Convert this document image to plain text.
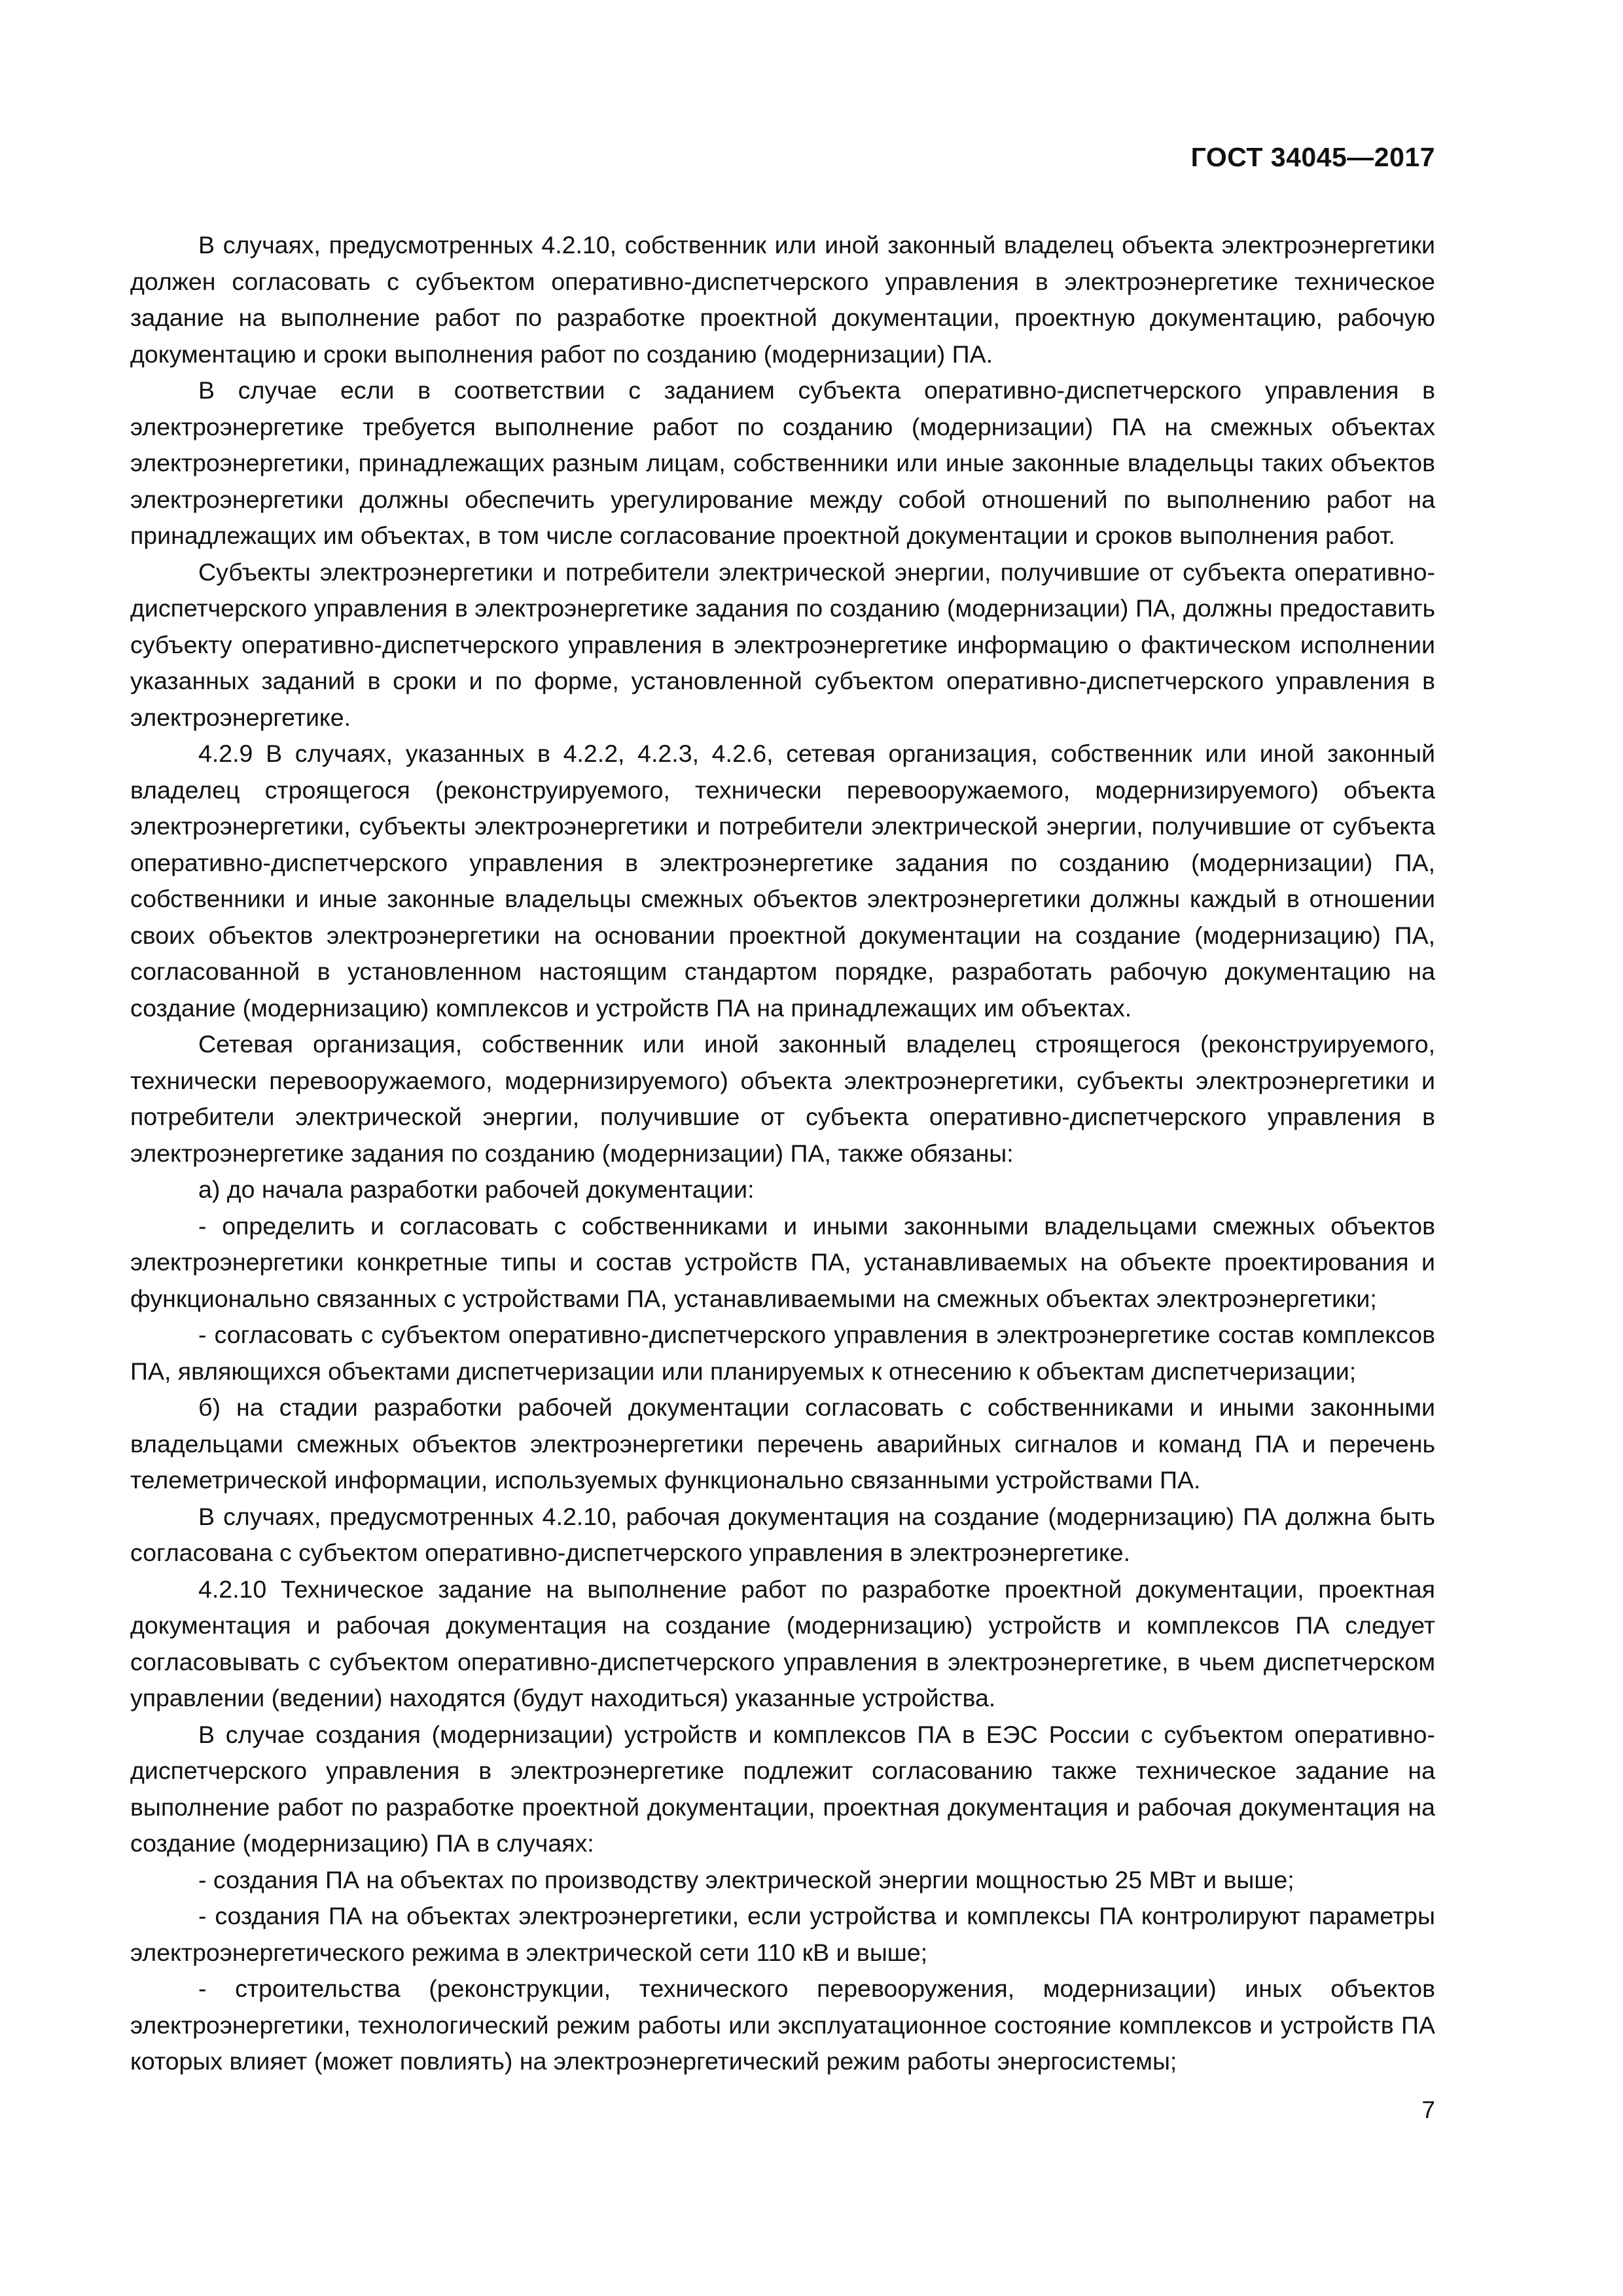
ГОСТ 34045—2017

В случаях, предусмотренных 4.2.10, собственник или иной законный владелец объекта электроэнергетики должен согласовать с субъектом оперативно-диспетчерского управления в электроэнергетике техническое задание на выполнение работ по разработке проектной документации, проектную документацию, рабочую документацию и сроки выполнения работ по созданию (модернизации) ПА.

В случае если в соответствии с заданием субъекта оперативно-диспетчерского управления в электроэнергетике требуется выполнение работ по созданию (модернизации) ПА на смежных объектах электроэнергетики, принадлежащих разным лицам, собственники или иные законные владельцы таких объектов электроэнергетики должны обеспечить урегулирование между собой отношений по выполнению работ на принадлежащих им объектах, в том числе согласование проектной документации и сроков выполнения работ.

Субъекты электроэнергетики и потребители электрической энергии, получившие от субъекта оперативно-диспетчерского управления в электроэнергетике задания по созданию (модернизации) ПА, должны предоставить субъекту оперативно-диспетчерского управления в электроэнергетике информацию о фактическом исполнении указанных заданий в сроки и по форме, установленной субъектом оперативно-диспетчерского управления в электроэнергетике.

4.2.9 В случаях, указанных в 4.2.2, 4.2.3, 4.2.6, сетевая организация, собственник или иной законный владелец строящегося (реконструируемого, технически перевооружаемого, модернизируемого) объекта электроэнергетики, субъекты электроэнергетики и потребители электрической энергии, получившие от субъекта оперативно-диспетчерского управления в электроэнергетике задания по созданию (модернизации) ПА, собственники и иные законные владельцы смежных объектов электроэнергетики должны каждый в отношении своих объектов электроэнергетики на основании проектной документации на создание (модернизацию) ПА, согласованной в установленном настоящим стандартом порядке, разработать рабочую документацию на создание (модернизацию) комплексов и устройств ПА на принадлежащих им объектах.

Сетевая организация, собственник или иной законный владелец строящегося (реконструируемого, технически перевооружаемого, модернизируемого) объекта электроэнергетики, субъекты электроэнергетики и потребители электрической энергии, получившие от субъекта оперативно-диспетчерского управления в электроэнергетике задания по созданию (модернизации) ПА, также обязаны:

а) до начала разработки рабочей документации:

- определить и согласовать с собственниками и иными законными владельцами смежных объектов электроэнергетики конкретные типы и состав устройств ПА, устанавливаемых на объекте проектирования и функционально связанных с устройствами ПА, устанавливаемыми на смежных объектах электроэнергетики;

- согласовать с субъектом оперативно-диспетчерского управления в электроэнергетике состав комплексов ПА, являющихся объектами диспетчеризации или планируемых к отнесению к объектам диспетчеризации;

б) на стадии разработки рабочей документации согласовать с собственниками и иными законными владельцами смежных объектов электроэнергетики перечень аварийных сигналов и команд ПА и перечень телеметрической информации, используемых функционально связанными устройствами ПА.

В случаях, предусмотренных 4.2.10, рабочая документация на создание (модернизацию) ПА должна быть согласована с субъектом оперативно-диспетчерского управления в электроэнергетике.

4.2.10 Техническое задание на выполнение работ по разработке проектной документации, проектная документация и рабочая документация на создание (модернизацию) устройств и комплексов ПА следует согласовывать с субъектом оперативно-диспетчерского управления в электроэнергетике, в чьем диспетчерском управлении (ведении) находятся (будут находиться) указанные устройства.

В случае создания (модернизации) устройств и комплексов ПА в ЕЭС России с субъектом оперативно-диспетчерского управления в электроэнергетике подлежит согласованию также техническое задание на выполнение работ по разработке проектной документации, проектная документация и рабочая документация на создание (модернизацию) ПА в случаях:

- создания ПА на объектах по производству электрической энергии мощностью 25 МВт и выше;

- создания ПА на объектах электроэнергетики, если устройства и комплексы ПА контролируют параметры электроэнергетического режима в электрической сети 110 кВ и выше;

- строительства (реконструкции, технического перевооружения, модернизации) иных объектов электроэнергетики, технологический режим работы или эксплуатационное состояние комплексов и устройств ПА которых влияет (может повлиять) на электроэнергетический режим работы энергосистемы;

7
